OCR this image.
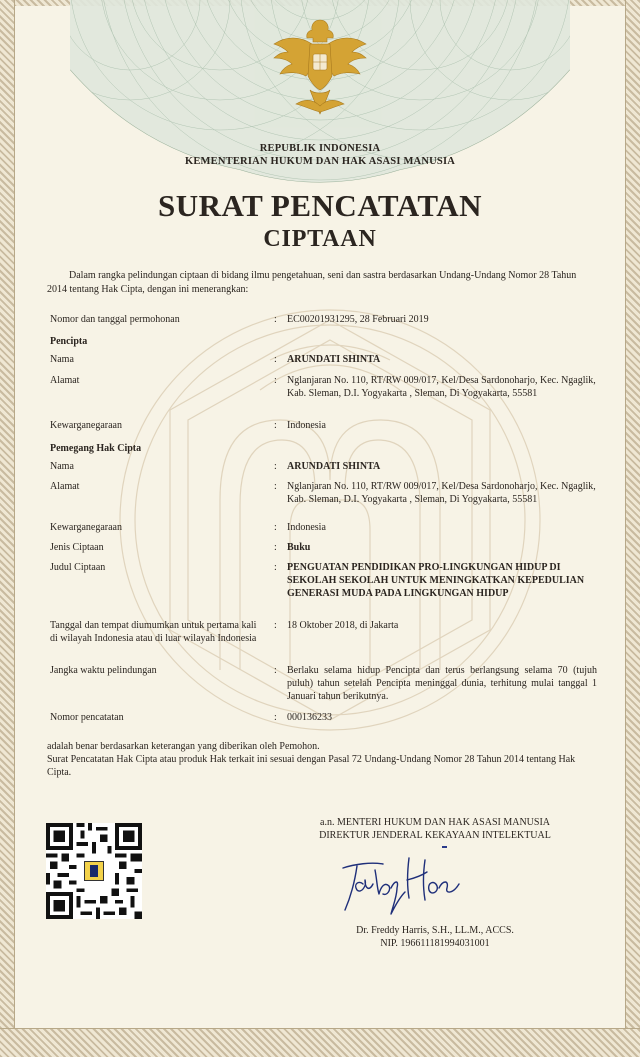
REPUBLIK INDONESIA
KEMENTERIAN HUKUM DAN HAK ASASI MANUSIA
SURAT PENCATATAN
CIPTAAN
Dalam rangka pelindungan ciptaan di bidang ilmu pengetahuan, seni dan sastra berdasarkan Undang-Undang Nomor 28 Tahun 2014 tentang Hak Cipta, dengan ini menerangkan:
Nomor dan tanggal permohonan	: EC00201931295, 28 Februari 2019
Pencipta
Nama	: ARUNDATI SHINTA
Alamat	: Nglanjaran No. 110, RT/RW 009/017, Kel/Desa Sardonoharjo, Kec. Ngaglik, Kab. Sleman, D.I. Yogyakarta , Sleman, Di Yogyakarta, 55581
Kewarganegaraan	: Indonesia
Pemegang Hak Cipta
Nama	: ARUNDATI SHINTA
Alamat	: Nglanjaran No. 110, RT/RW 009/017, Kel/Desa Sardonoharjo, Kec. Ngaglik, Kab. Sleman, D.I. Yogyakarta , Sleman, Di Yogyakarta, 55581
Kewarganegaraan	: Indonesia
Jenis Ciptaan	: Buku
Judul Ciptaan	: PENGUATAN PENDIDIKAN PRO-LINGKUNGAN HIDUP DI SEKOLAH SEKOLAH UNTUK MENINGKATKAN KEPEDULIAN GENERASI MUDA PADA LINGKUNGAN HIDUP
Tanggal dan tempat diumumkan untuk pertama kali di wilayah Indonesia atau di luar wilayah Indonesia
: 18 Oktober 2018, di Jakarta
Jangka waktu pelindungan	: Berlaku selama hidup Pencipta dan terus berlangsung selama 70 (tujuh puluh) tahun setelah Pencipta meninggal dunia, terhitung mulai tanggal 1 Januari tahun berikutnya.
Nomor pencatatan	: 000136233
adalah benar berdasarkan keterangan yang diberikan oleh Pemohon.
Surat Pencatatan Hak Cipta atau produk Hak terkait ini sesuai dengan Pasal 72 Undang-Undang Nomor 28 Tahun 2014 tentang Hak Cipta.
a.n. MENTERI HUKUM DAN HAK ASASI MANUSIA
DIREKTUR JENDERAL KEKAYAAN INTELEKTUAL
Dr. Freddy Harris, S.H., LL.M., ACCS.
NIP. 196611181994031001
